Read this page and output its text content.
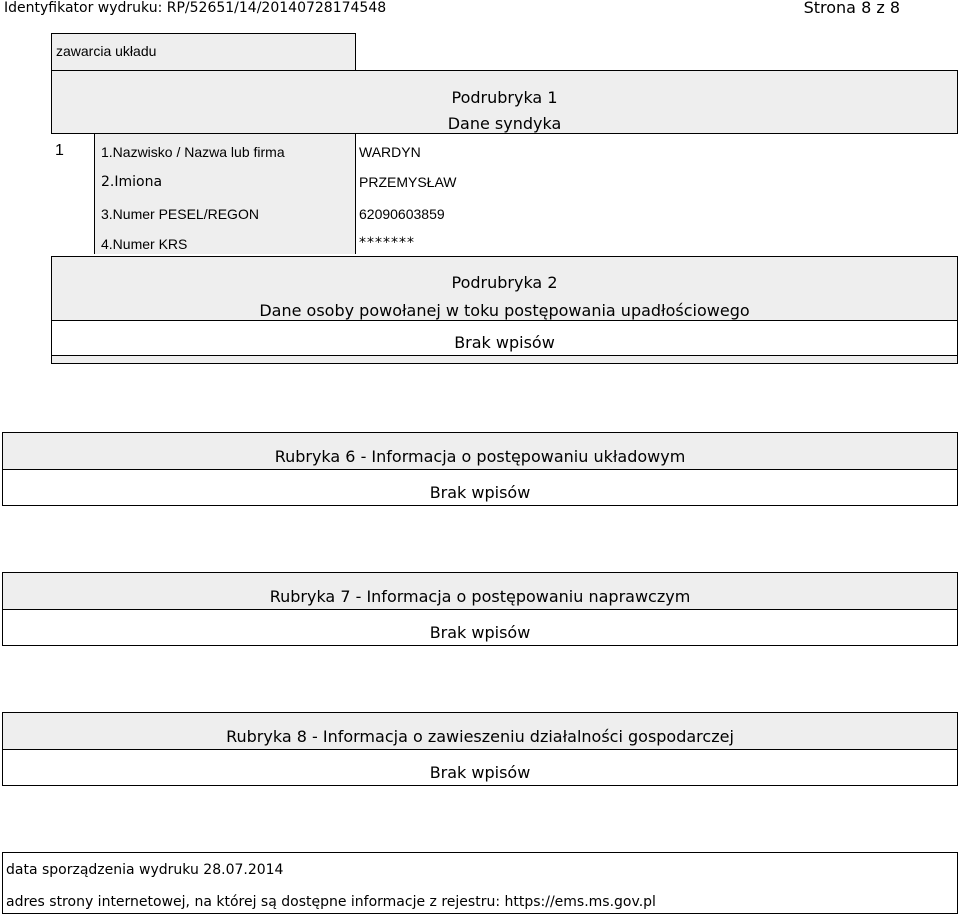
Identyfikator wydruku: RP/52651/14/20140728174548	Strona 8 z 8
zawarcia układu
Podrubryka 1
Dane syndyka
1	1.Nazwisko / Nazwa lub firma	WARDYN
2.Imiona	PRZEMYSŁAW
3.Numer PESEL/REGON	62090603859
4.Numer KRS	*******
Podrubryka 2
Dane osoby powołanej w toku postępowania upadłościowego
Brak wpisów
Rubryka 6 - Informacja o postępowaniu układowym
Brak wpisów
Rubryka 7 - Informacja o postępowaniu naprawczym
Brak wpisów
Rubryka 8 - Informacja o zawieszeniu działalności gospodarczej
Brak wpisów
data sporządzenia wydruku 28.07.2014
adres strony internetowej, na której są dostępne informacje z rejestru: https://ems.ms.gov.pl
